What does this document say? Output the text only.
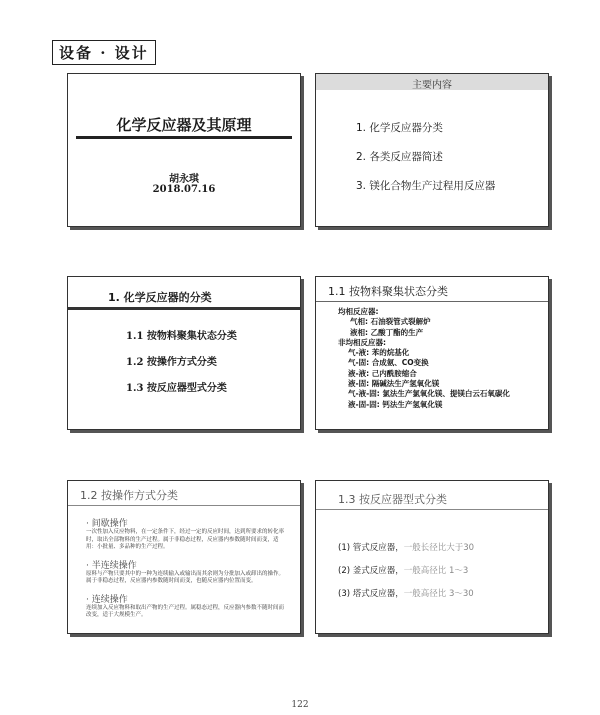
设备 · 设计
化学反应器及其原理
胡永琪
2018.07.16
主要内容
1. 化学反应器分类
2. 各类反应器简述
3. 镁化合物生产过程用反应器
1. 化学反应器的分类
1.1 按物料聚集状态分类
1.2 按操作方式分类
1.3 按反应器型式分类
1.1 按物料聚集状态分类
均相反应器:
气相: 石油裂管式裂解炉
液相: 乙酸丁酯的生产
非均相反应器:
气-液: 苯的烷基化
气-固: 合成氨、CO变换
液-液: 己内酰胺缩合
液-固: 隔碱法生产氢氧化镁
气-液-固: 氯法生产氯氧化镁、提镁白云石氧碳化
液-固-固: 钙法生产氢氧化镁
1.2 按操作方式分类
· 间歇操作
一次性加入反应物料，在一定条件下，经过一定的反应时间，达到所要求的转化率时，取出全部物料的生产过程。属于非稳态过程，反应器内参数随时间而变，适用：小批量、多品种的生产过程。
· 半连续操作
原料与产物只要其中的一种为连续输入或输出而其余则为分批加入或卸出的操作。属于非稳态过程，反应器内参数随时间而变，也随反应器内位置而变。
· 连续操作
连续加入反应物料和取出产物的生产过程。属稳态过程，反应器内参数不随时间而改变，适于大规模生产。
1.3 按反应器型式分类
(1) 管式反应器，一般长径比大于30
(2) 釜式反应器，一般高径比 1～3
(3) 塔式反应器，一般高径比 3～30
122
